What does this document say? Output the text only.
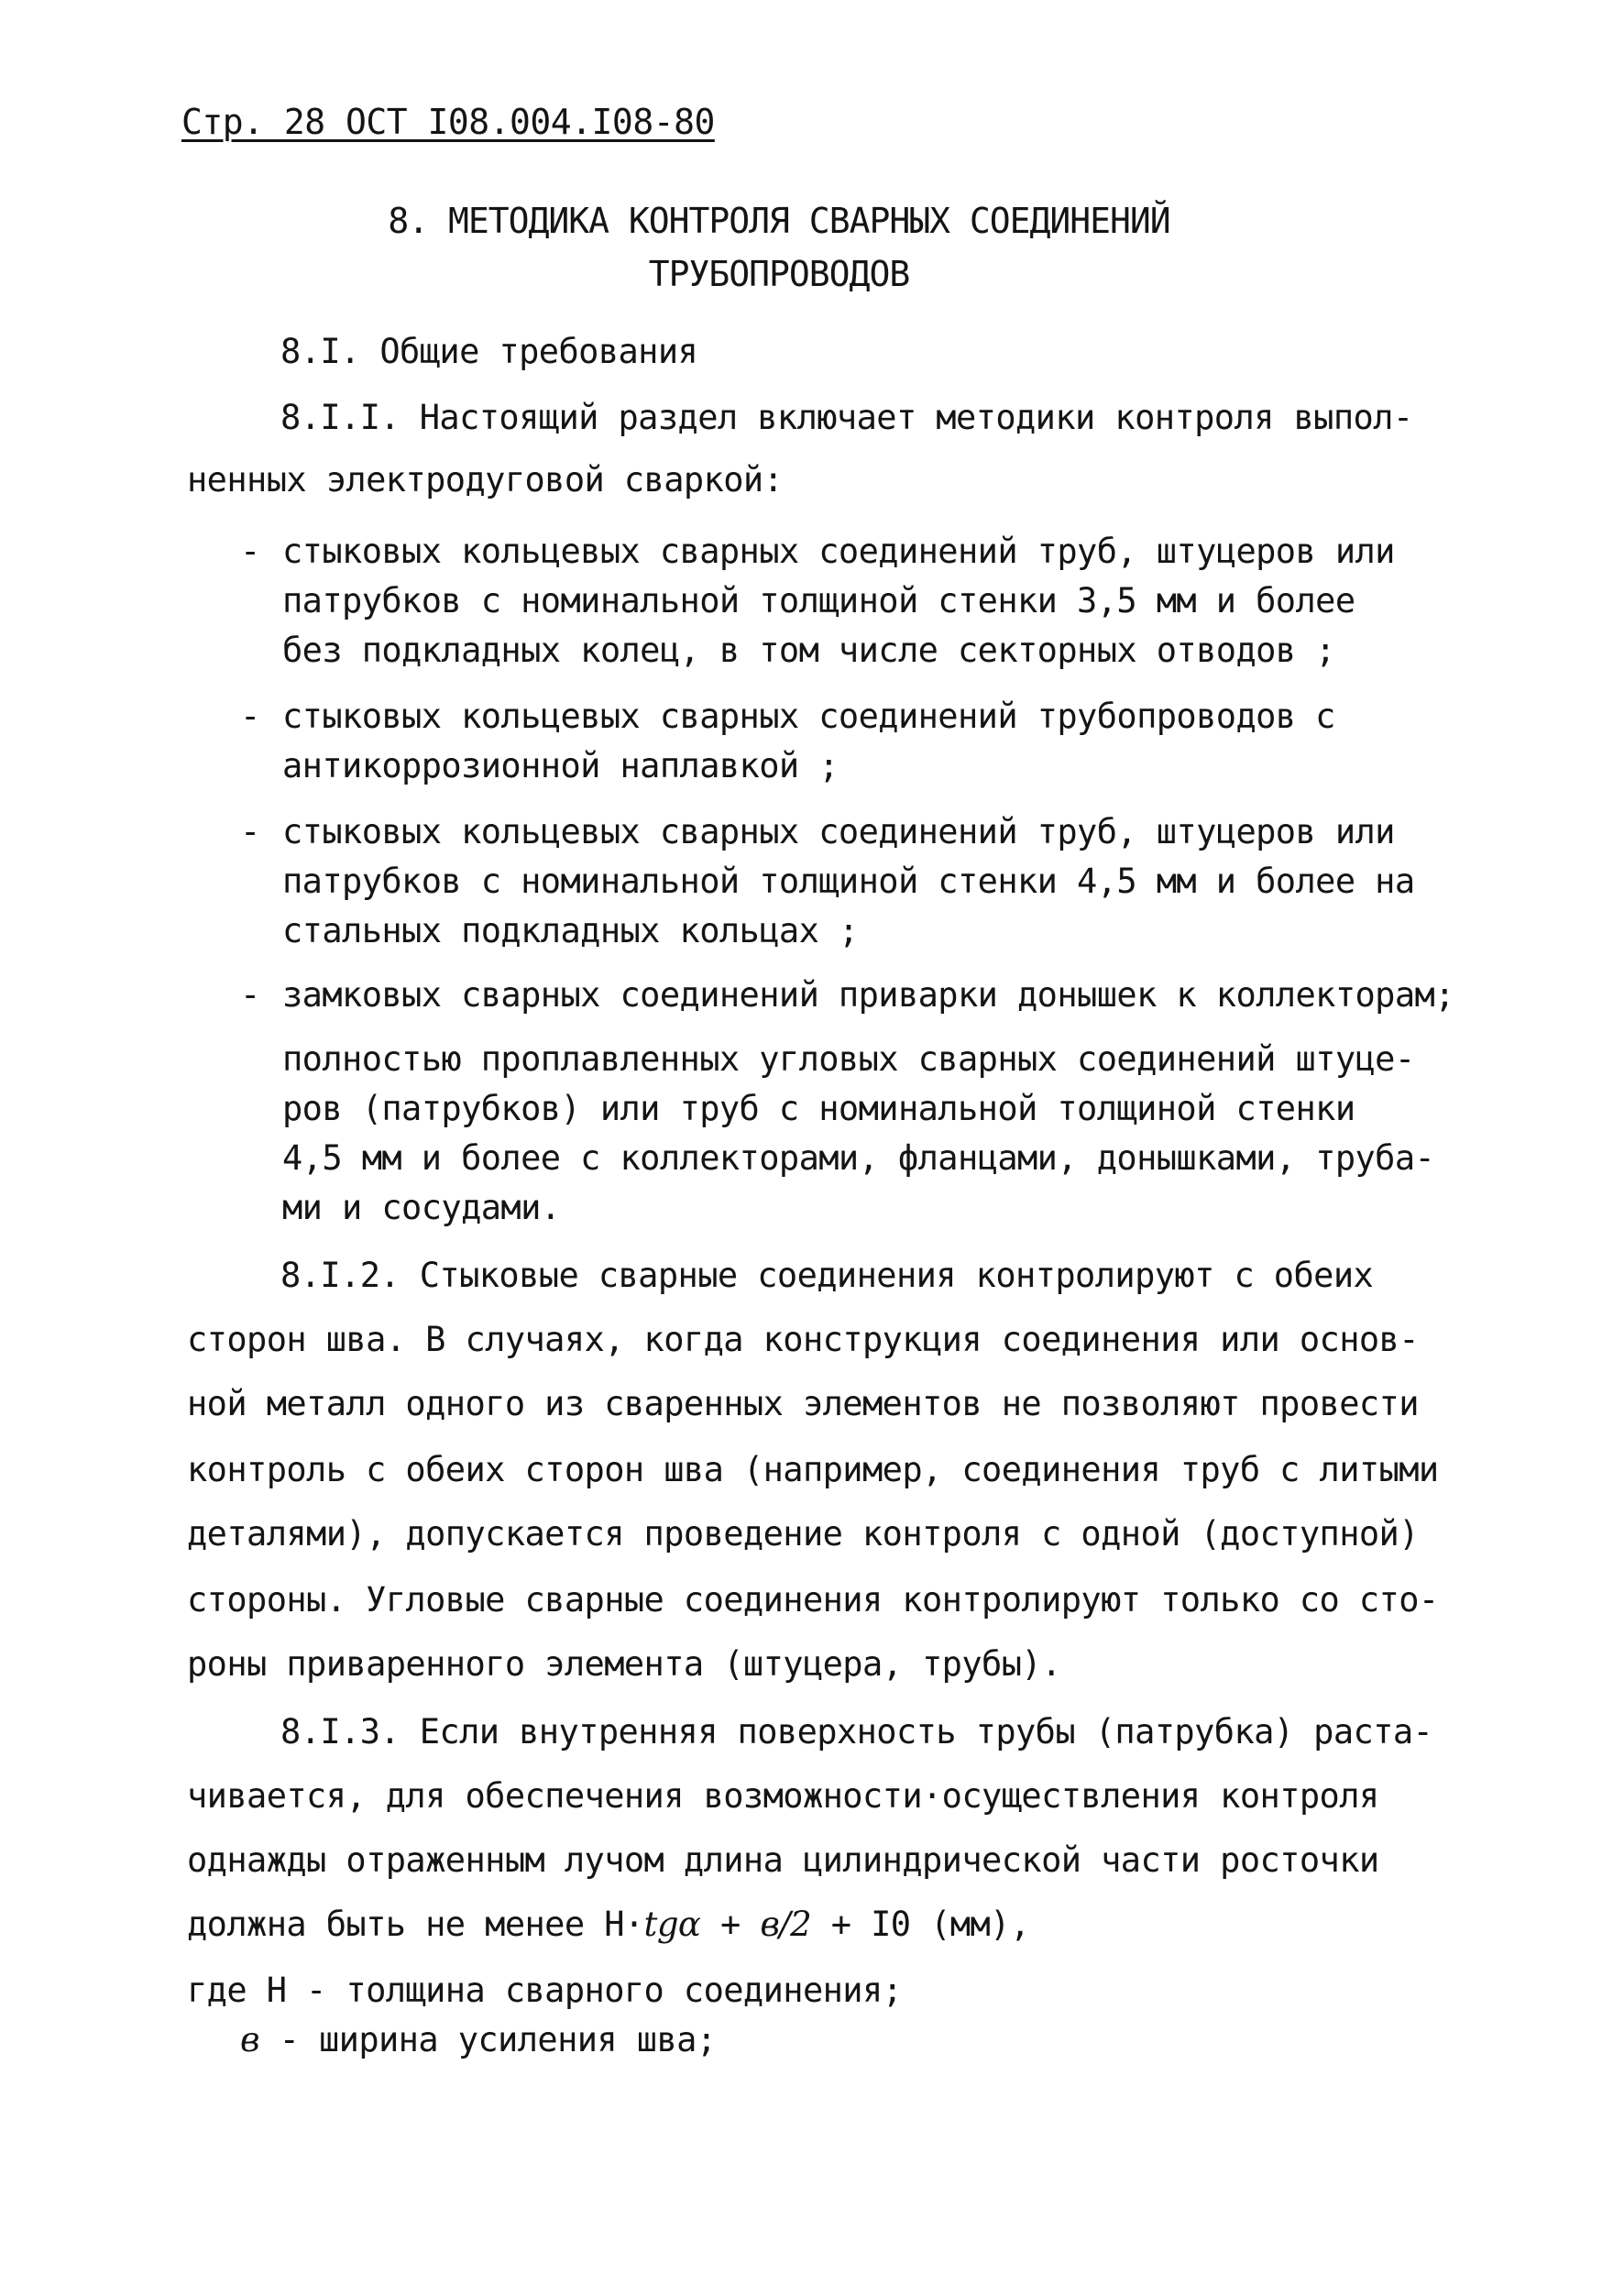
Стр. 28 ОСТ I08.004.I08-80
8. МЕТОДИКА КОНТРОЛЯ СВАРНЫХ СОЕДИНЕНИЙ
ТРУБОПРОВОДОВ
8.I. Общие требования
8.I.I. Настоящий раздел включает методики контроля выпол-
ненных электродуговой сваркой:
- стыковых кольцевых сварных соединений труб, штуцеров или
патрубков с номинальной толщиной стенки 3,5 мм и более
без подкладных колец, в том числе секторных отводов ;
- стыковых кольцевых сварных соединений трубопроводов с
антикоррозионной наплавкой ;
- стыковых кольцевых сварных соединений труб, штуцеров или
патрубков с номинальной толщиной стенки 4,5 мм и более на
стальных подкладных кольцах ;
- замковых сварных соединений приварки донышек к коллекторам;
полностью проплавленных угловых сварных соединений штуце-
ров (патрубков) или труб с номинальной толщиной стенки
4,5 мм и более с коллекторами, фланцами, донышками, труба-
ми и сосудами.
8.I.2. Стыковые сварные соединения контролируют с обеих
сторон шва. В случаях, когда конструкция соединения или основ-
ной металл одного из сваренных элементов не позволяют провести
контроль с обеих сторон шва (например, соединения труб с литыми
деталями), допускается проведение контроля с одной (доступной)
стороны. Угловые сварные соединения контролируют только со сто-
роны приваренного элемента (штуцера, трубы).
8.I.3. Если внутренняя поверхность трубы (патрубка) раста-
чивается, для обеспечения возможности·осуществления контроля
однажды отраженным лучом длина цилиндрической части росточки
должна быть не менее Н·tgα + в/2 + I0 (мм),
где Н - толщина сварного соединения;
в - ширина усиления шва;
